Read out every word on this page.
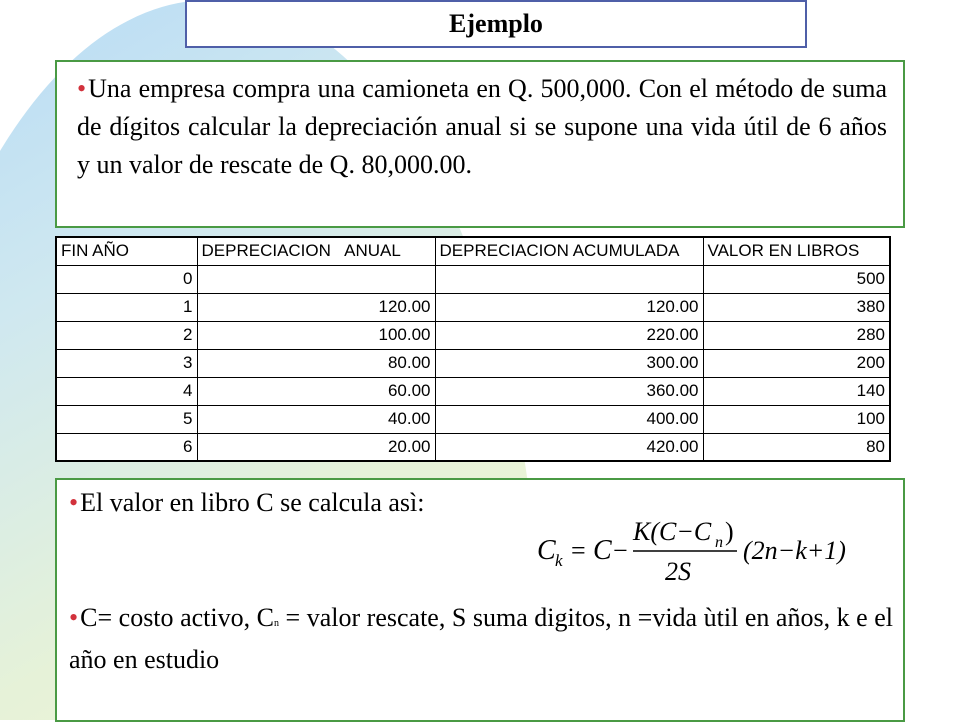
Ejemplo
•Una empresa compra una camioneta en Q. 500,000. Con el método de suma de dígitos calcular la depreciación anual si se supone una vida útil de 6 años y un valor de rescate de Q. 80,000.00.
FIN AÑO	DEPRECIACION   ANUAL	DEPRECIACION ACUMULADA	VALOR EN LIBROS
0			500
1	120.00	120.00	380
2	100.00	220.00	280
3	80.00	300.00	200
4	60.00	360.00	140
5	40.00	400.00	100
6	20.00	420.00	80
•El valor en libro C se calcula asì:
C k = C −
K(C−C n )
2S
(2n−k+1)
•C= costo activo, Cn = valor rescate, S suma digitos, n =vida ùtil en años, k e el año en estudio
